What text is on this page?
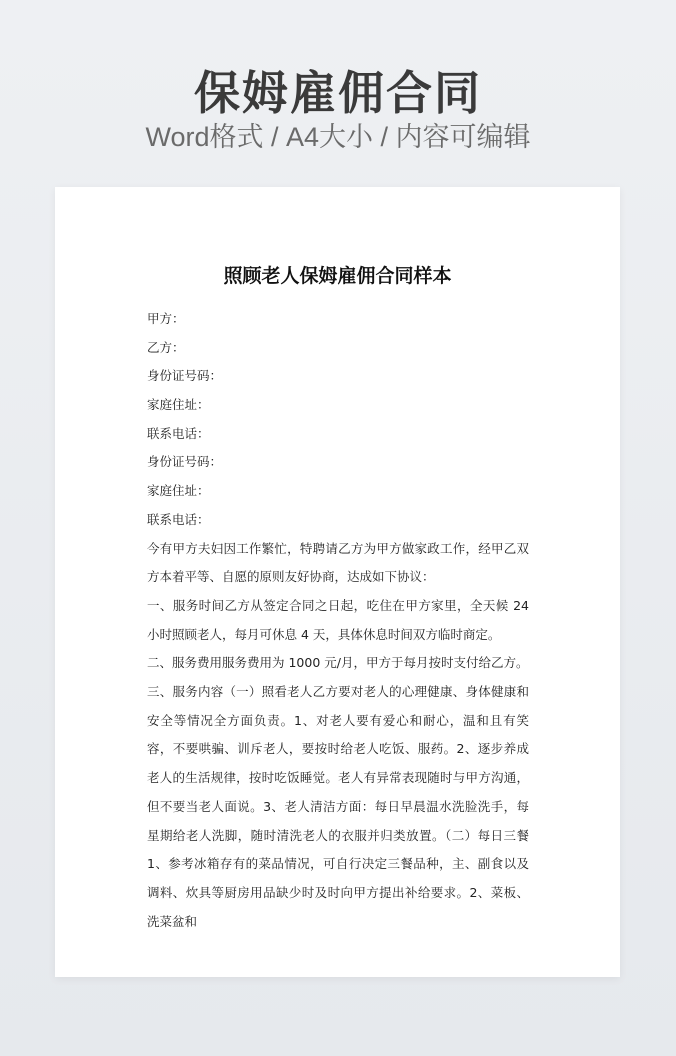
保姆雇佣合同
Word格式 / A4大小 / 内容可编辑
照顾老人保姆雇佣合同样本
甲方：
乙方：
身份证号码：
家庭住址：
联系电话：
身份证号码：
家庭住址：
联系电话：

今有甲方夫妇因工作繁忙，特聘请乙方为甲方做家政工作，经甲乙双方本着平等、自愿的原则友好协商，达成如下协议：

一、服务时间乙方从签定合同之日起，吃住在甲方家里，全天候 24 小时照顾老人，每月可休息 4 天，具体休息时间双方临时商定。

二、服务费用服务费用为 1000 元/月，甲方于每月按时支付给乙方。

三、服务内容（一）照看老人乙方要对老人的心理健康、身体健康和安全等情况全方面负责。1、对老人要有爱心和耐心，温和且有笑容，不要哄骗、训斥老人，要按时给老人吃饭、服药。2、逐步养成老人的生活规律，按时吃饭睡觉。老人有异常表现随时与甲方沟通，但不要当老人面说。3、老人清洁方面：每日早晨温水洗脸洗手，每星期给老人洗脚，随时清洗老人的衣服并归类放置。（二）每日三餐 1、参考冰箱存有的菜品情况，可自行决定三餐品种，主、副食以及调料、炊具等厨房用品缺少时及时向甲方提出补给要求。2、菜板、洗菜盆和
